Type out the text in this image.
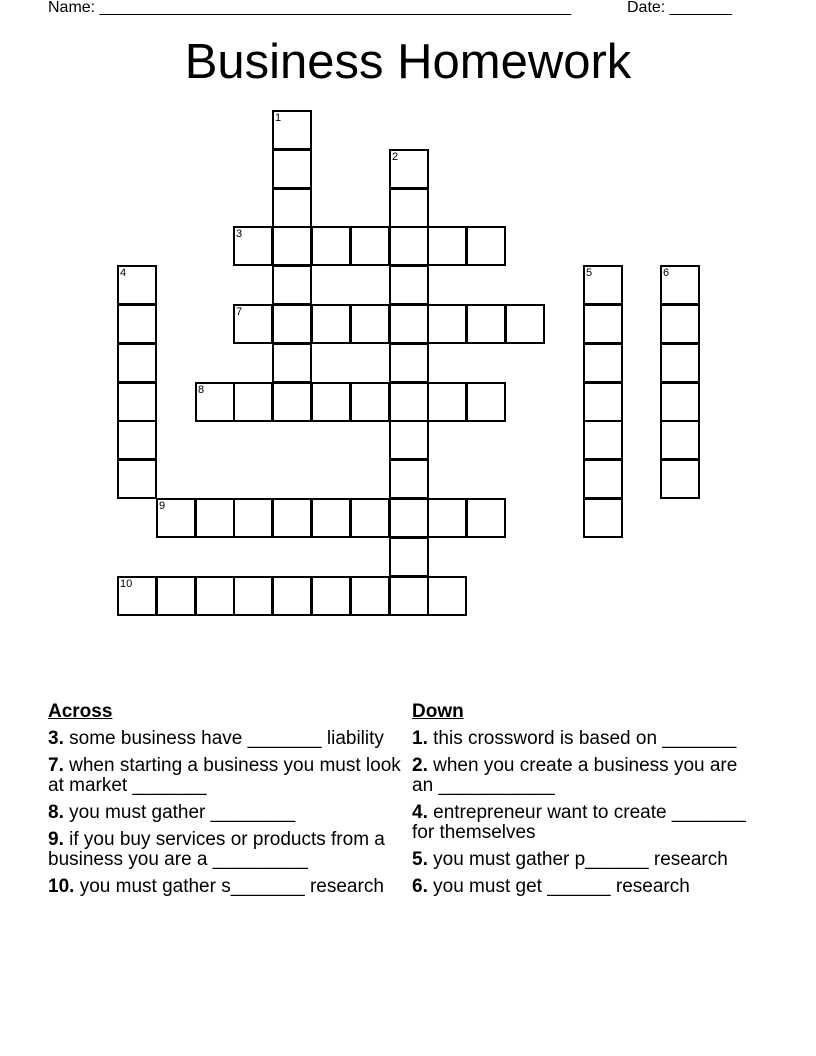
Name: _____________________________________________________	Date: _______
Business Homework
1
2
3
4	5	6
7
8
9
10
Across
3. some business have _______ liability
7. when starting a business you must look at market _______
8. you must gather ________
9. if you buy services or products from a business you are a _________
10. you must gather s_______ research
Down
1. this crossword is based on _______
2. when you create a business you are an ___________
4. entrepreneur want to create _______ for themselves
5. you must gather p______ research
6. you must get ______ research
